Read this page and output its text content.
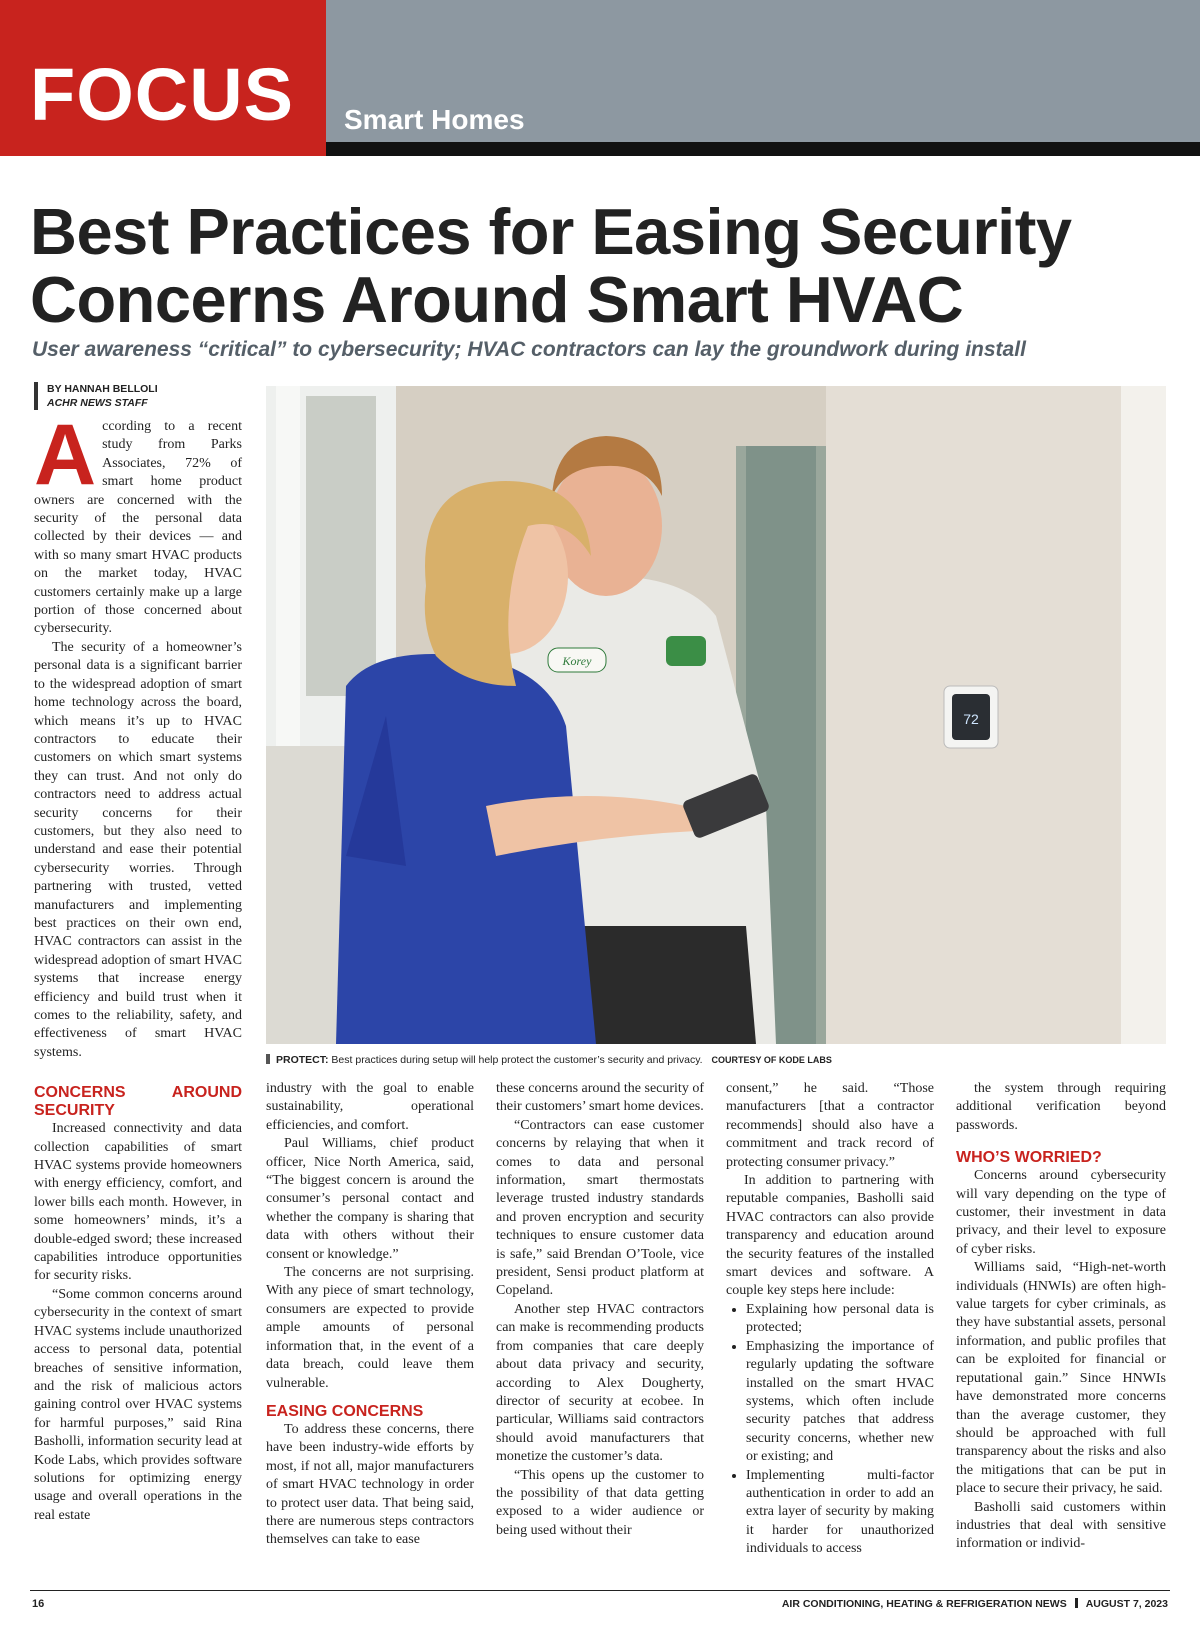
FOCUS Smart Homes
Best Practices for Easing Security
Concerns Around Smart HVAC
User awareness “critical” to cybersecurity; HVAC contractors can lay the groundwork during install
BY HANNAH BELLOLI
ACHR NEWS STAFF

According to a recent study from Parks Associates, 72% of smart home product owners are concerned with the security of the personal data collected by their devices — and with so many smart HVAC products on the market today, HVAC customers certainly make up a large portion of those concerned about cybersecurity.

The security of a homeowner’s personal data is a significant barrier to the widespread adoption of smart home technology across the board, which means it’s up to HVAC contractors to educate their customers on which smart systems they can trust. And not only do contractors need to address actual security concerns for their customers, but they also need to understand and ease their potential cybersecurity worries. Through partnering with trusted, vetted manufacturers and implementing best practices on their own end, HVAC contractors can assist in the widespread adoption of smart HVAC systems that increase energy efficiency and build trust when it comes to the reliability, safety, and effectiveness of smart HVAC systems.

CONCERNS AROUND SECURITY

Increased connectivity and data collection capabilities of smart HVAC systems provide homeowners with energy efficiency, comfort, and lower bills each month. However, in some homeowners’ minds, it’s a double-edged sword; these increased capabilities introduce opportunities for security risks.

“Some common concerns around cybersecurity in the context of smart HVAC systems include unauthorized access to personal data, potential breaches of sensitive information, and the risk of malicious actors gaining control over HVAC systems for harmful purposes,” said Rina Basholli, information security lead at Kode Labs, which provides software solutions for optimizing energy usage and overall operations in the real estate

72
Korey
PROTECT: Best practices during setup will help protect the customer’s security and privacy. COURTESY OF KODE LABS

industry with the goal to enable sustainability, operational efficiencies, and comfort.

Paul Williams, chief product officer, Nice North America, said, “The biggest concern is around the consumer’s personal contact and whether the company is sharing that data with others without their consent or knowledge.”

The concerns are not surprising. With any piece of smart technology, consumers are expected to provide ample amounts of personal information that, in the event of a data breach, could leave them vulnerable.

EASING CONCERNS

To address these concerns, there have been industry-wide efforts by most, if not all, major manufacturers of smart HVAC technology in order to protect user data. That being said, there are numerous steps contractors themselves can take to ease

these concerns around the security of their customers’ smart home devices.

“Contractors can ease customer concerns by relaying that when it comes to data and personal information, smart thermostats leverage trusted industry standards and proven encryption and security techniques to ensure customer data is safe,” said Brendan O’Toole, vice president, Sensi product platform at Copeland.

Another step HVAC contractors can make is recommending products from companies that care deeply about data privacy and security, according to Alex Dougherty, director of security at ecobee. In particular, Williams said contractors should avoid manufacturers that monetize the customer’s data.

“This opens up the customer to the possibility of that data getting exposed to a wider audience or being used without their

consent,” he said. “Those manufacturers [that a contractor recommends] should also have a commitment and track record of protecting consumer privacy.”

In addition to partnering with reputable companies, Basholli said HVAC contractors can also provide transparency and education around the security features of the installed smart devices and software. A couple key steps here include:

• Explaining how personal data is protected;
• Emphasizing the importance of regularly updating the software installed on the smart HVAC systems, which often include security patches that address security concerns, whether new or existing; and
• Implementing multi-factor authentication in order to add an extra layer of security by making it harder for unauthorized individuals to access

the system through requiring additional verification beyond passwords.

WHO’S WORRIED?

Concerns around cybersecurity will vary depending on the type of customer, their investment in data privacy, and their level to exposure of cyber risks.

Williams said, “High-net-worth individuals (HNWIs) are often high-value targets for cyber criminals, as they have substantial assets, personal information, and public profiles that can be exploited for financial or reputational gain.” Since HNWIs have demonstrated more concerns than the average customer, they should be approached with full transparency about the risks and also the mitigations that can be put in place to secure their privacy, he said.

Basholli said customers within industries that deal with sensitive information or individ-

16	AIR CONDITIONING, HEATING & REFRIGERATION NEWS AUGUST 7, 2023
